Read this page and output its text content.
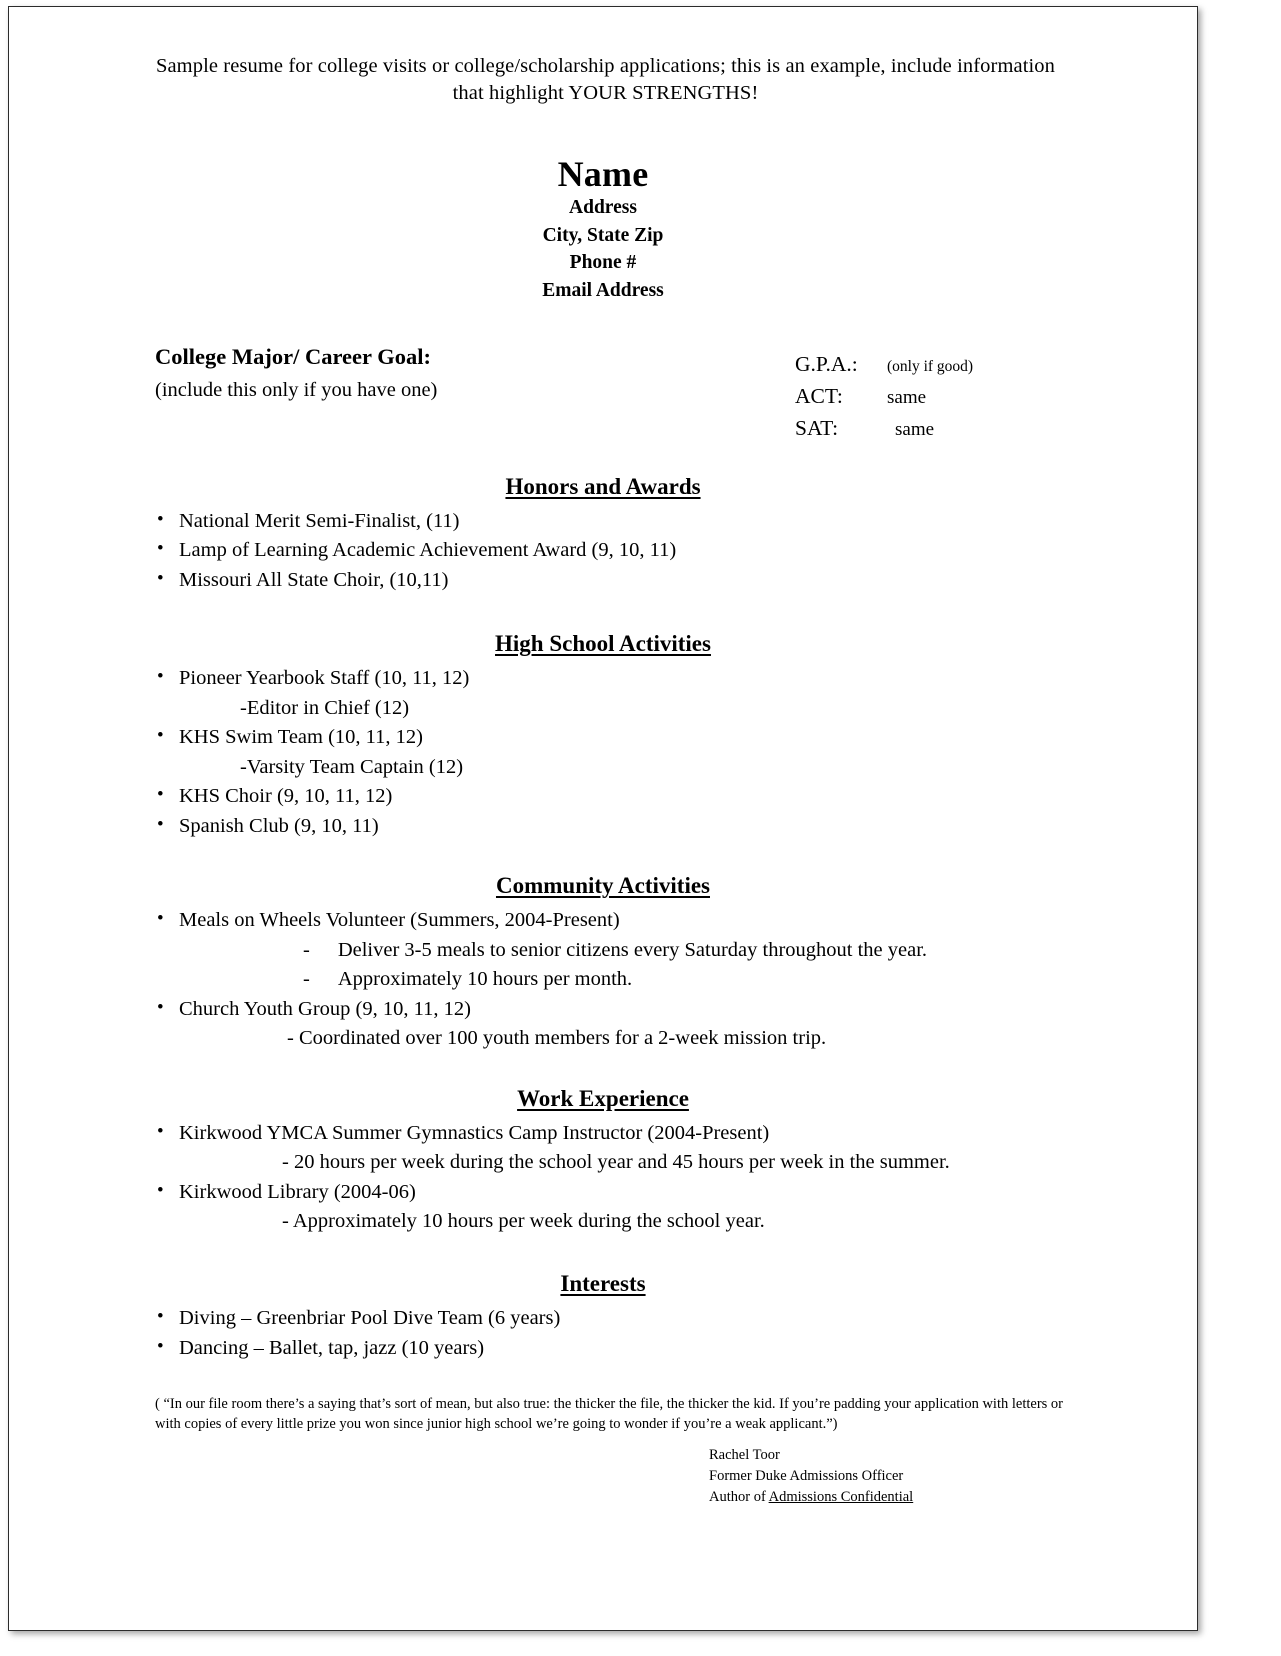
Sample resume for college visits or college/scholarship applications; this is an example, include information that highlight YOUR STRENGTHS!
Name
Address
City, State Zip
Phone #
Email Address
College Major/ Career Goal:
(include this only if you have one)
G.P.A.:	(only if good)
ACT:	same
SAT:	same
Honors and Awards
• National Merit Semi-Finalist, (11)
• Lamp of Learning Academic Achievement Award (9, 10, 11)
• Missouri All State Choir, (10,11)
High School Activities
• Pioneer Yearbook Staff (10, 11, 12)
-Editor in Chief (12)
• KHS Swim Team (10, 11, 12)
-Varsity Team Captain (12)
• KHS Choir (9, 10, 11, 12)
• Spanish Club (9, 10, 11)
Community Activities
• Meals on Wheels Volunteer (Summers, 2004-Present)
- Deliver 3-5 meals to senior citizens every Saturday throughout the year.
- Approximately 10 hours per month.
• Church Youth Group (9, 10, 11, 12)
- Coordinated over 100 youth members for a 2-week mission trip.
Work Experience
• Kirkwood YMCA Summer Gymnastics Camp Instructor (2004-Present)
- 20 hours per week during the school year and 45 hours per week in the summer.
• Kirkwood Library (2004-06)
- Approximately 10 hours per week during the school year.
Interests
• Diving – Greenbriar Pool Dive Team (6 years)
• Dancing – Ballet, tap, jazz (10 years)
( “In our file room there’s a saying that’s sort of mean, but also true: the thicker the file, the thicker the kid. If you’re padding your application with letters or with copies of every little prize you won since junior high school we’re going to wonder if you’re a weak applicant.”)
Rachel Toor
Former Duke Admissions Officer
Author of Admissions Confidential
